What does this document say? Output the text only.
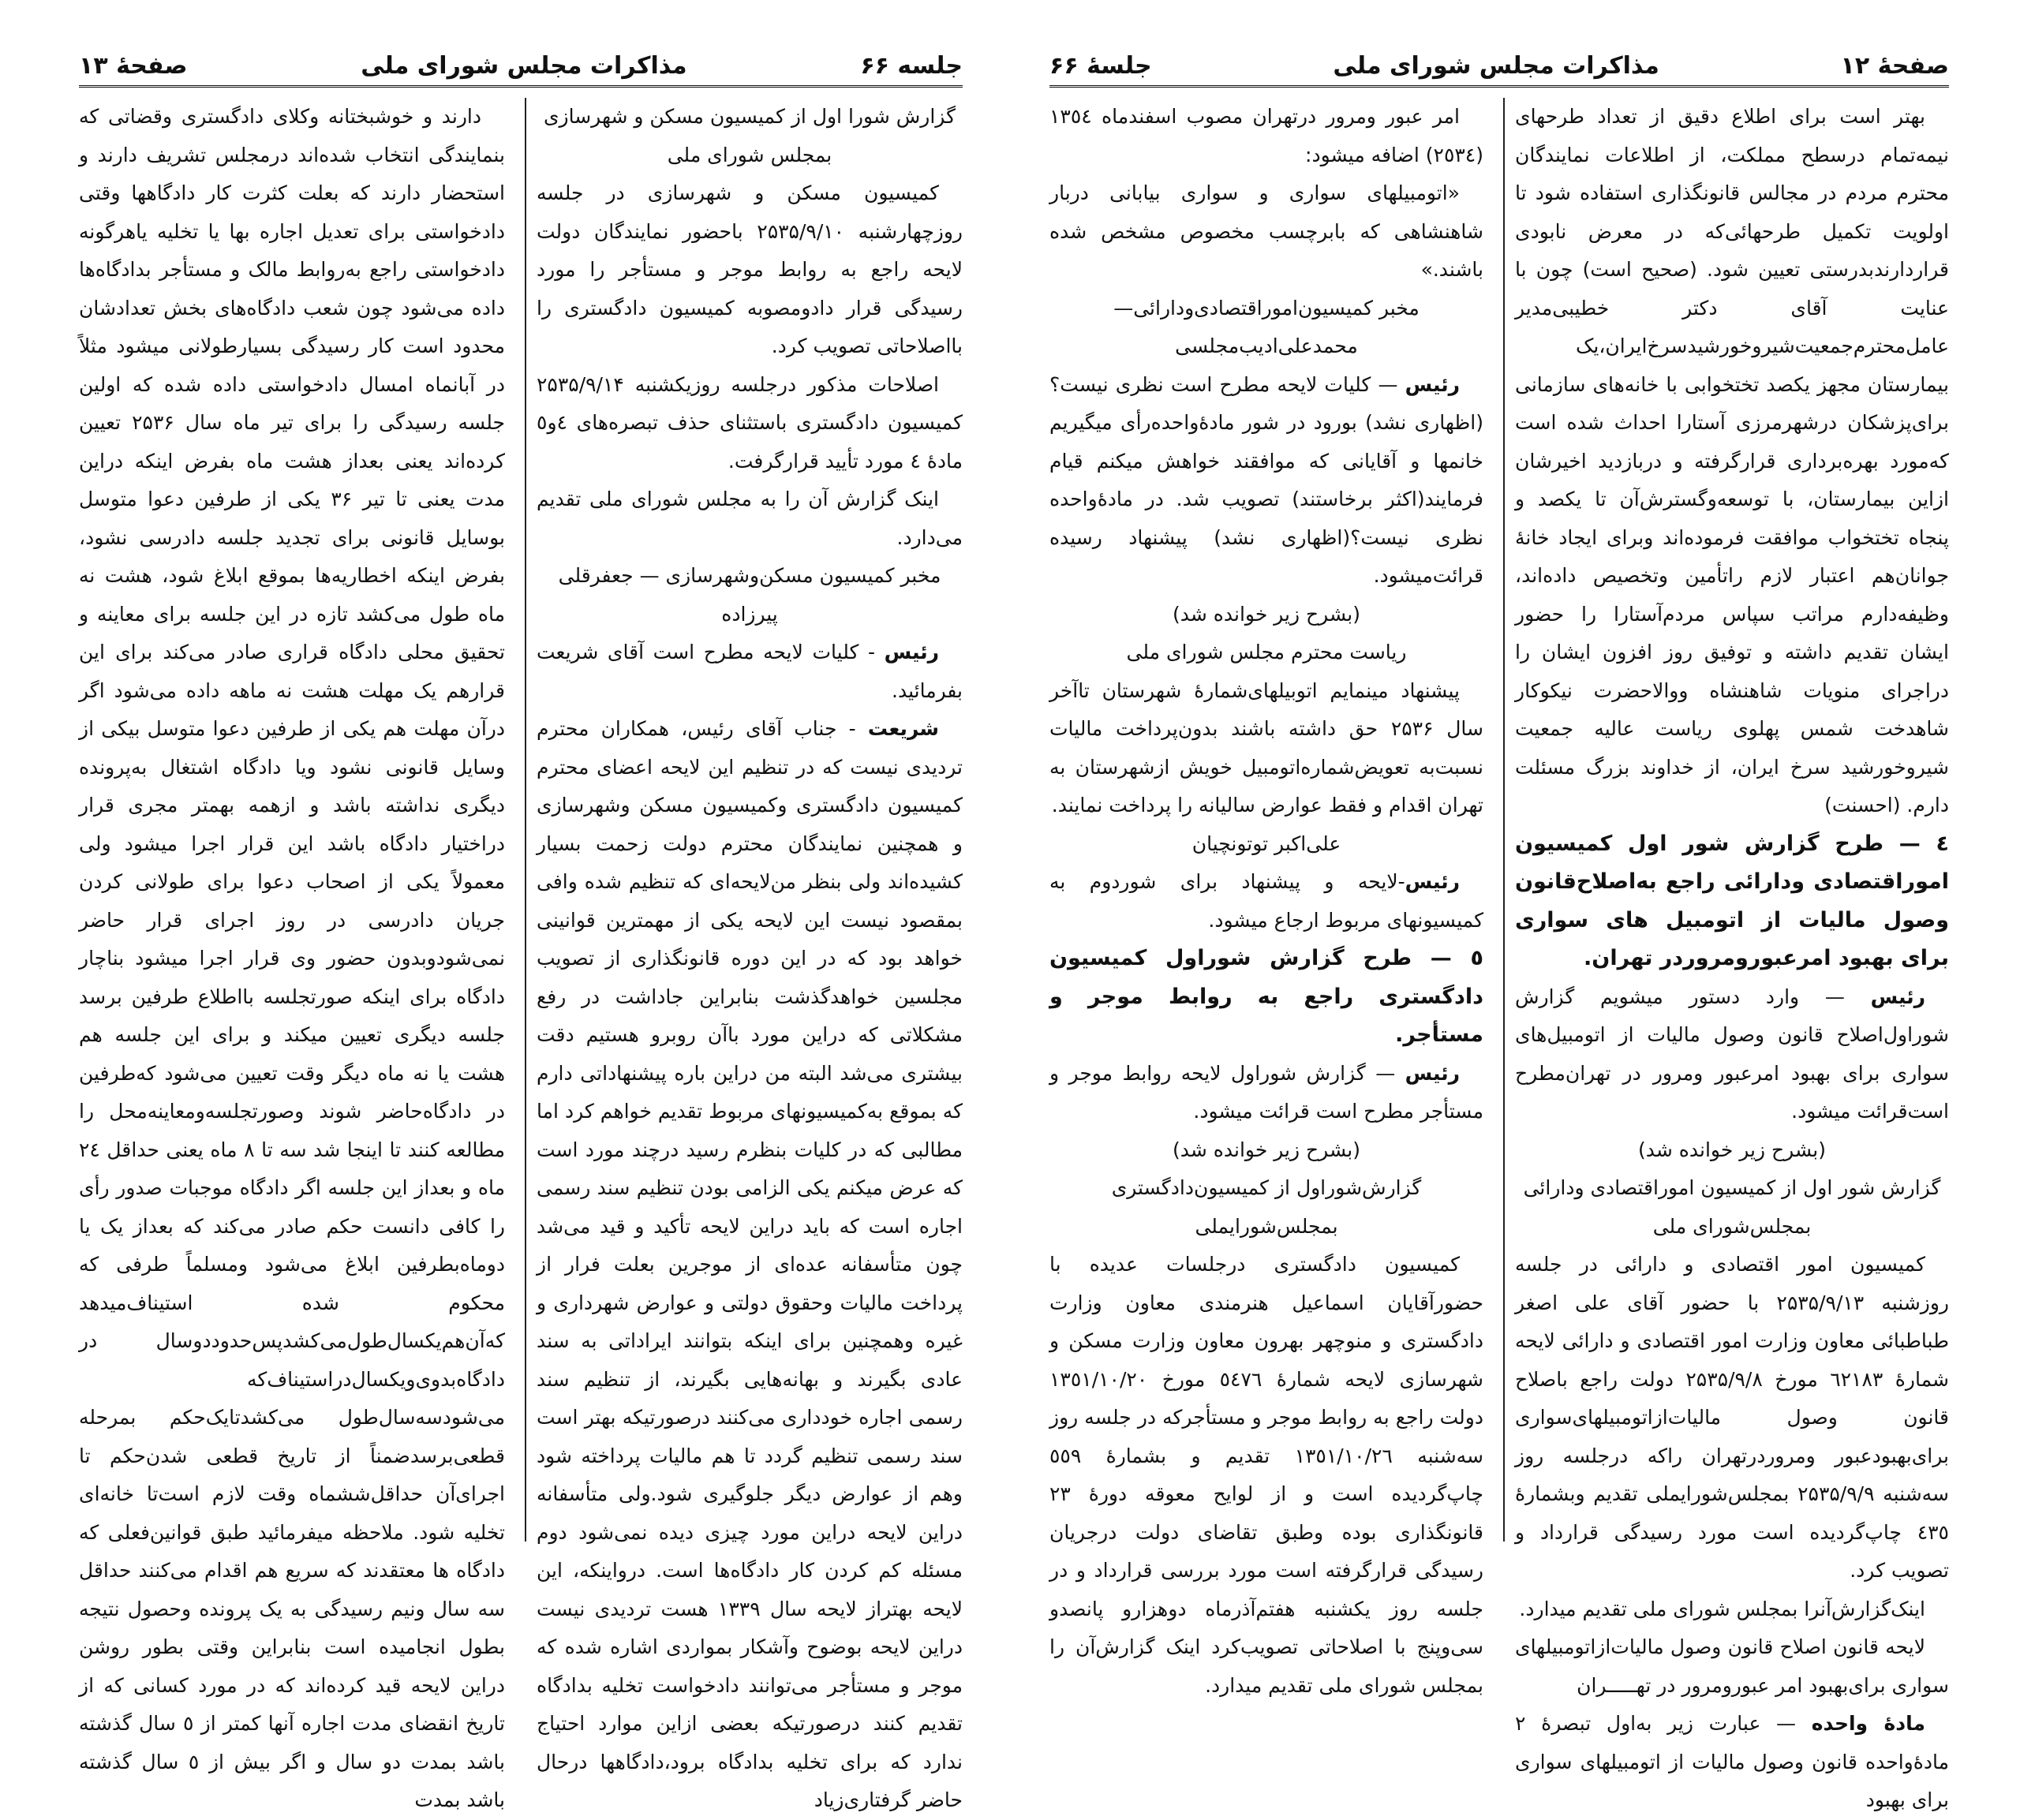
جلسه ۶۶
مذاکرات مجلس شورای ملی
صفحهٔ ۱۳

گزارش شورا اول از کمیسیون مسکن و شهرسازی بمجلس شورای ملی

کمیسیون مسکن و شهرسازی در جلسه روزچهارشنبه ۲۵۳۵/۹/۱۰ باحضور نمایندگان دولت لایحه راجع به روابط موجر و مستأجر را مورد رسیدگی قرار دادومصوبه کمیسیون دادگستری را بااصلاحاتی تصویب کرد.

اصلاحات مذکور درجلسه روزیکشنبه ۲۵۳۵/۹/۱۴ کمیسیون دادگستری باستثنای حذف تبصره‌های ٤و٥ مادهٔ ٤ مورد تأیید قرارگرفت.

اینک گزارش آن را به مجلس شورای ملی تقدیم می‌دارد.

مخبر کمیسیون مسکن‌وشهرسازی — جعفرقلی پیرزاده

رئیس - کلیات لایحه مطرح است آقای شریعت بفرمائید.

شریعت - جناب آقای رئیس، همکاران محترم تردیدی نیست که در تنظیم این لایحه اعضای محترم کمیسیون دادگستری وکمیسیون مسکن وشهرسازی و همچنین نمایندگان محترم دولت زحمت بسیار کشیده‌اند ولی بنظر من‌لایحه‌ای که تنظیم شده وافی بمقصود نیست این لایحه یکی از مهمترین قوانینی خواهد بود که در این دوره قانونگذاری از تصویب مجلسین خواهدگذشت بنابراین جاداشت در رفع مشکلاتی که دراین مورد باآن روبرو هستیم دقت بیشتری می‌شد البته من دراین باره پیشنهاداتی دارم که بموقع به‌کمیسیونهای مربوط تقدیم خواهم کرد اما مطالبی که در کلیات بنظرم رسید درچند مورد است که عرض میکنم یکی الزامی بودن تنظیم سند رسمی اجاره است که باید دراین لایحه تأکید و قید می‌شد چون متأسفانه عده‌ای از موجرین بعلت فرار از پرداخت مالیات وحقوق دولتی و عوارض شهرداری و غیره وهمچنین برای اینکه بتوانند ایراداتی به سند عادی بگیرند و بهانه‌هایی بگیرند، از تنظیم سند رسمی اجاره خودداری می‌کنند درصورتیکه بهتر است سند رسمی تنظیم گردد تا هم مالیات پرداخته شود وهم از عوارض دیگر جلوگیری شود.ولی متأسفانه دراین لایحه دراین مورد چیزی دیده نمی‌شود دوم مسئله کم کردن کار دادگاه‌ها است. درواینکه، این لایحه بهتراز لایحه سال ۱۳۳۹ هست تردیدی نیست دراین لایحه بوضوح وآشکار بمواردی اشاره شده که موجر و مستأجر می‌توانند دادخواست تخلیه بدادگاه تقدیم کنند درصورتیکه بعضی ازاین موارد احتیاج ندارد که برای تخلیه بدادگاه برود،دادگاهها درحال حاضر گرفتاری‌زیاد

دارند و خوشبختانه وکلای دادگستری وقضاتی که بنمایندگی انتخاب شده‌اند درمجلس تشریف دارند و استحضار دارند که بعلت کثرت کار دادگاهها وقتی دادخواستی برای تعدیل اجاره بها یا تخلیه یاهرگونه دادخواستی راجع به‌روابط مالک و مستأجر بدادگاه‌ها داده می‌شود چون شعب دادگاه‌های بخش تعدادشان محدود است کار رسیدگی بسیارطولانی میشود مثلاً در آبانماه امسال دادخواستی داده شده که اولین جلسه رسیدگی را برای تیر ماه سال ۲۵۳۶ تعیین کرده‌اند یعنی بعداز هشت ماه بفرض اینکه دراین مدت یعنی تا تیر ۳۶ یکی از طرفین دعوا متوسل بوسایل قانونی برای تجدید جلسه دادرسی نشود، بفرض اینکه اخطاریه‌ها بموقع ابلاغ شود، هشت نه ماه طول می‌کشد تازه در این جلسه برای معاینه و تحقیق محلی دادگاه قراری صادر می‌کند برای این قرارهم یک مهلت هشت نه ماهه داده می‌شود اگر درآن مهلت هم یکی از طرفین دعوا متوسل بیکی از وسایل قانونی نشود ویا دادگاه اشتغال به‌پرونده دیگری نداشته باشد و ازهمه بهمتر مجری قرار دراختیار دادگاه باشد این قرار اجرا میشود ولی معمولاً یکی از اصحاب دعوا برای طولانی کردن جریان دادرسی در روز اجرای قرار حاضر نمی‌شودوبدون حضور وی قرار اجرا میشود بناچار دادگاه برای اینکه صورتجلسه بااطلاع طرفین برسد جلسه دیگری تعیین میکند و برای این جلسه هم هشت یا نه ماه دیگر وقت تعیین می‌شود که‌طرفین در دادگاه‌حاضر شوند وصورتجلسه‌ومعاینه‌محل را مطالعه کنند تا اینجا شد سه تا ۸ ماه یعنی حداقل ٢٤ ماه و بعداز این جلسه اگر دادگاه موجبات صدور رأی را کافی دانست حکم صادر می‌کند که بعداز یک یا دوماه‌بطرفین ابلاغ می‌شود ومسلماً طرفی که محکوم شده استیناف‌میدهد که‌آن‌هم‌یکسال‌طول‌می‌کشد‌پس‌حدوددوسال در دادگاه‌بدوی‌ویکسال‌دراستیناف‌که می‌شود‌سه‌سال‌طول می‌کشد‌تا‌یک‌حکم بمرحله قطعی‌برسدضمناً از تاریخ قطعی شدن‌حکم تا اجرای‌آن حداقل‌ششماه وقت لازم است‌تا خانه‌ای تخلیه شود. ملاحظه میفرمائید طبق قوانین‌فعلی که دادگاه ها معتقدند که سریع هم اقدام می‌کنند حداقل سه سال ونیم رسیدگی به یک پرونده وحصول نتیجه بطول انجامیده است بنابراین وقتی بطور روشن دراین لایحه قید کرده‌اند که در مورد کسانی که از تاریخ انقضای مدت اجاره آنها کمتر از ٥ سال گذشته باشد بمدت دو سال و اگر بیش از ٥ سال گذشته باشد بمدت

صفحهٔ ۱۲
مذاکرات مجلس شورای ملی
جلسهٔ ۶۶

بهتر است برای اطلاع دقیق از تعداد طرحهای نیمه‌تمام درسطح مملکت، از اطلاعات نمایندگان محترم مردم در مجالس قانونگذاری استفاده شود تا اولویت تکمیل طرحهائی‌که در معرض نابودی قراردارندبدرستی تعیین شود. (صحیح است) چون با عنایت آقای دکتر خطیبی‌مدیر عامل‌محترم‌جمعیت‌شیروخورشیدسرخ‌ایران،یک بیمارستان مجهز یکصد تختخوابی با خانه‌های سازمانی برای‌پزشکان درشهرمرزی آستارا احداث شده است که‌مورد بهره‌برداری قرارگرفته و دربازدید اخیرشان ازاین بیمارستان، با توسعه‌وگسترش‌آن تا یکصد و پنجاه تختخواب موافقت فرموده‌اند وبرای ایجاد خانهٔ جوانان‌هم اعتبار لازم راتأمین وتخصیص داده‌اند، وظیفه‌دارم مراتب سپاس مردم‌آستارا را حضور ایشان تقدیم داشته و توفیق روز افزون ایشان را دراجرای منویات شاهنشاه ووالاحضرت نیکوکار شاهدخت شمس پهلوی ریاست عالیه جمعیت شیروخورشید سرخ ایران، از خداوند بزرگ مسئلت دارم. (احسنت)

٤ — طرح گزارش شور اول کمیسیون اموراقتصادی ودارائی راجع به‌اصلاح‌قانون وصول مالیات از اتومبیل های سواری برای بهبود امرعبورومرور‌در تهران.

رئیس — وارد دستور میشویم گزارش شوراول‌اصلاح قانون وصول مالیات از اتومبیل‌های سواری برای بهبود امرعبور ومرور در تهران‌مطرح است‌قرائت میشود.

(بشرح زیر خوانده شد)

گزارش شور اول از کمیسیون اموراقتصادی ودارائی بمجلس‌شورای ملی

کمیسیون امور اقتصادی و دارائی در جلسه روزشنبه ۲۵۳۵/۹/۱۳ با حضور آقای علی اصغر طباطبائی معاون وزارت امور اقتصادی و دارائی لایحه شمارهٔ ٦٢١٨٣ مورخ ۲۵۳۵/۹/۸ دولت راجع باصلاح قانون وصول مالیات‌ازاتومبیلهای‌سواری برای‌بهبودعبور ومرور‌در‌تهران راکه درجلسه روز سه‌شنبه ۲۵۳۵/۹/۹ بمجلس‌شورایملی تقدیم وبشمارهٔ ٤٣٥ چاپ‌گردیده است مورد رسیدگی قرارداد و تصویب کرد.

اینک‌گزارش‌آنرا بمجلس شورای ملی تقدیم میدارد.

لایحه قانون اصلاح قانون وصول مالیات‌ازاتومبیلهای سواری برای‌بهبود امر عبورومرور در تهـــــران

مادهٔ واحده — عبارت زیر به‌اول تبصرهٔ ۲ مادهٔ‌واحده قانون وصول مالیات از اتومبیلهای سواری برای بهبود

امر عبور ومرور درتهران مصوب اسفندماه ١٣٥٤ (٢٥٣٤) اضافه میشود:

«اتومبیلهای سواری و سواری بیابانی دربار شاهنشاهی که بابرچسب مخصوص مشخص شده باشند.»

مخبر کمیسیون‌اموراقتصادی‌ودارائی—محمدعلی‌ادیب‌مجلسی

رئیس — کلیات لایحه مطرح است نظری نیست؟ (اظهاری نشد) بورود در شور مادهٔ‌واحده‌رأی میگیریم خانمها و آقایانی که موافقند خواهش میکنم قیام فرمایند(اکثر برخاستند) تصویب شد. در مادهٔ‌واحده نظری نیست؟(اظهاری نشد) پیشنهاد رسیده قرائت‌میشود.

(بشرح زیر خوانده شد)

ریاست محترم مجلس شورای ملی

پیشنهاد مینمایم اتوبیلهای‌شمارهٔ شهرستان تاآخر سال ۲۵۳۶ حق داشته باشند بدون‌پرداخت مالیات نسبت‌به تعویض‌شماره‌اتومبیل خویش ازشهرستان به تهران اقدام و فقط عوارض سالیانه را پرداخت نمایند.

علی‌اکبر توتونچیان

رئیس-لایحه و پیشنهاد برای شوردوم به کمیسیونهای مربوط ارجاع میشود.

٥ — طرح گزارش شوراول کمیسیون دادگستری راجع به روابط موجر و مستأجر.

رئیس — گزارش شوراول لایحه روابط موجر و مستأجر مطرح است قرائت میشود.

(بشرح زیر خوانده شد)

گزارش‌شوراول از کمیسیون‌دادگستری بمجلس‌شورایملی

کمیسیون دادگستری درجلسات عدیده با حضورآقایان اسماعیل هنرمندی معاون وزارت دادگستری و منوچهر بهرون معاون وزارت مسکن و شهرسازی لایحه شمارهٔ ٥٤٧٦ مورخ ١٣٥١/١٠/٢٠ دولت راجع به روابط موجر و مستأجرکه در جلسه روز سه‌شنبه ١٣٥١/١٠/٢٦ تقدیم و بشمارهٔ ٥٥٩ چاپ‌گردیده است و از لوایح معوقه دورهٔ ٢٣ قانونگذاری بوده وطبق تقاضای دولت درجریان رسیدگی قرارگرفته است مورد بررسی قرارداد و در جلسه روز یکشنبه هفتم‌آذرماه دوهزارو پانصدو سی‌وپنج با اصلاحاتی تصویب‌کرد اینک گزارش‌آن را بمجلس شورای ملی تقدیم میدارد.
